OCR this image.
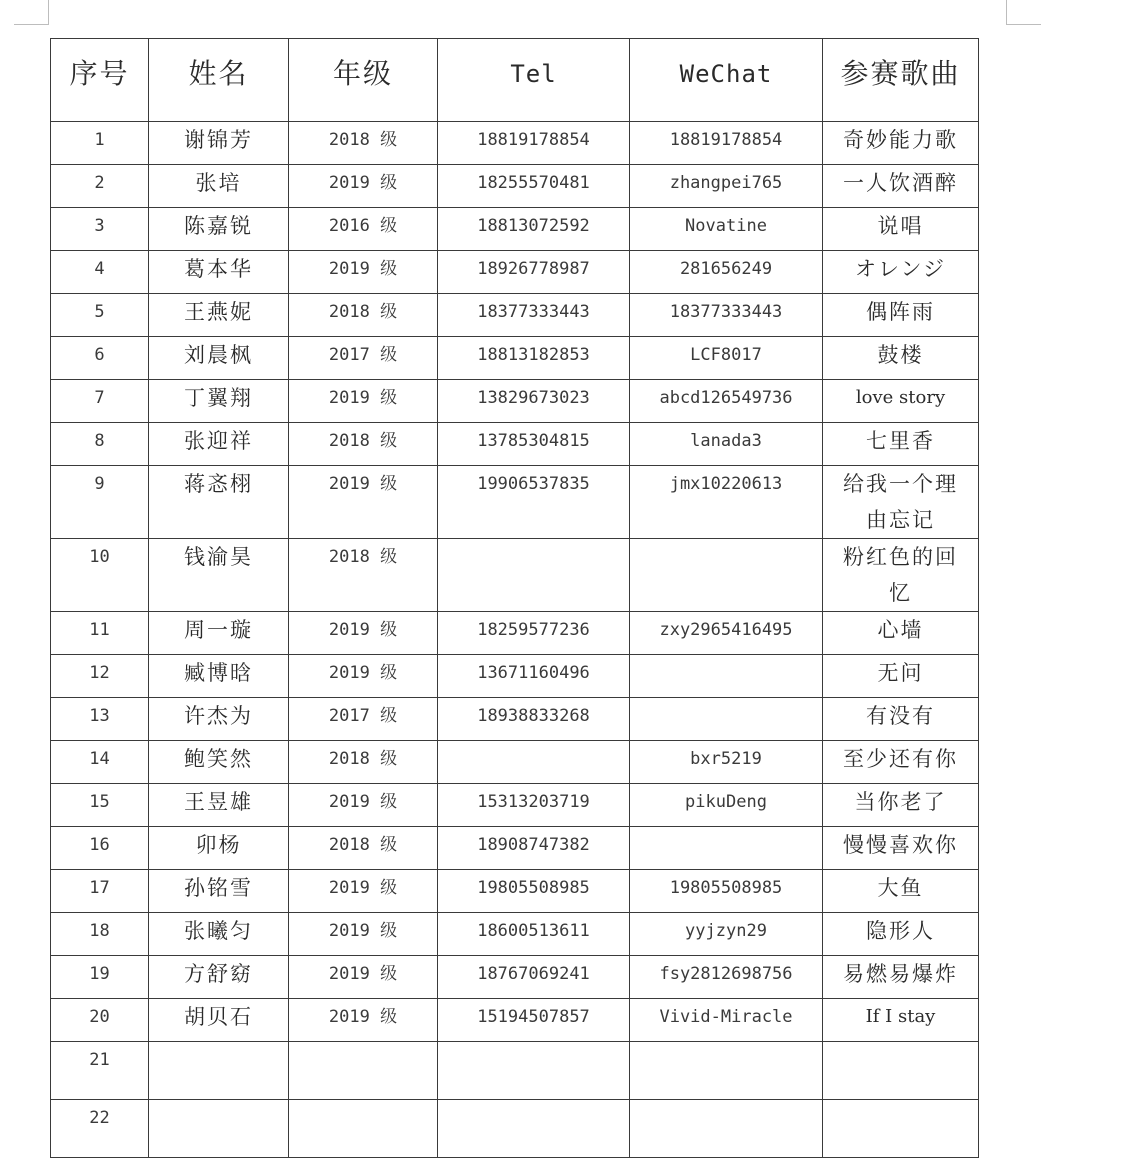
序号	姓名	年级	Tel	WeChat	参赛歌曲
1	谢锦芳	2018 级	18819178854	18819178854	奇妙能力歌
2	张培	2019 级	18255570481	zhangpei765	一人饮酒醉
3	陈嘉锐	2016 级	18813072592	Novatine	说唱
4	葛本华	2019 级	18926778987	281656249	オレンジ
5	王燕妮	2018 级	18377333443	18377333443	偶阵雨
6	刘晨枫	2017 级	18813182853	LCF8017	鼓楼
7	丁翼翔	2019 级	13829673023	abcd126549736	love story
8	张迎祥	2018 级	13785304815	lanada3	七里香
9	蒋忞栩	2019 级	19906537835	jmx10220613	给我一个理由忘记
10	钱渝昊	2018 级			粉红色的回忆
11	周一璇	2019 级	18259577236	zxy2965416495	心墙
12	臧博晗	2019 级	13671160496		无问
13	许杰为	2017 级	18938833268		有没有
14	鲍笑然	2018 级		bxr5219	至少还有你
15	王昱雄	2019 级	15313203719	pikuDeng	当你老了
16	卯杨	2018 级	18908747382		慢慢喜欢你
17	孙铭雪	2019 级	19805508985	19805508985	大鱼
18	张曦匀	2019 级	18600513611	yyjzyn29	隐形人
19	方舒窈	2019 级	18767069241	fsy2812698756	易燃易爆炸
20	胡贝石	2019 级	15194507857	Vivid-Miracle	If I stay
21					
22					
